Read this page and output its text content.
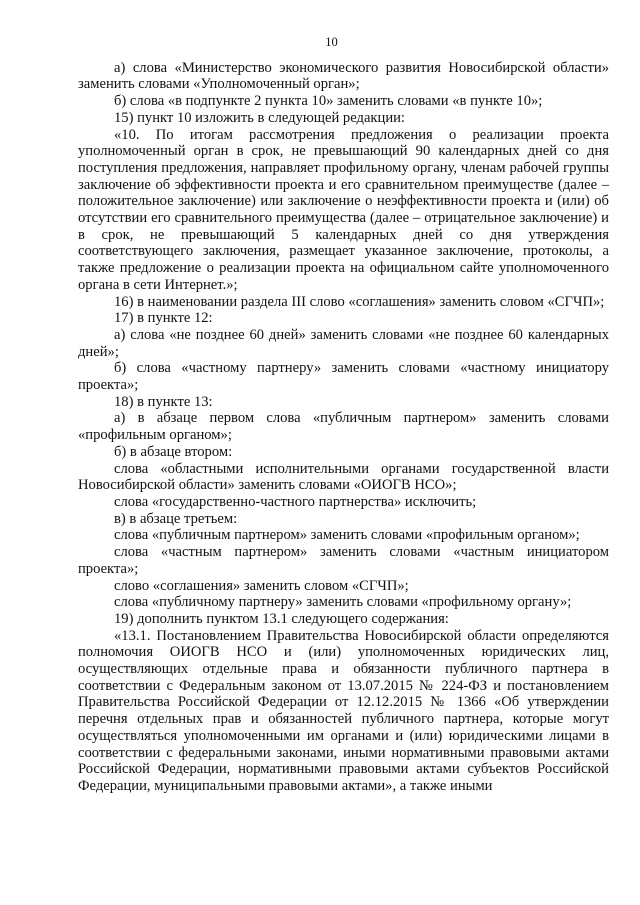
10

а) слова «Министерство экономического развития Новосибирской области» заменить словами «Уполномоченный орган»;

б) слова «в подпункте 2 пункта 10» заменить словами «в пункте 10»;

15) пункт 10 изложить в следующей редакции:

«10. По итогам рассмотрения предложения о реализации проекта уполномоченный орган в срок, не превышающий 90 календарных дней со дня поступления предложения, направляет профильному органу, членам рабочей группы заключение об эффективности проекта и его сравнительном преимуществе (далее – положительное заключение) или заключение о неэффективности проекта и (или) об отсутствии его сравнительного преимущества (далее – отрицательное заключение) и в срок, не превышающий 5 календарных дней со дня утверждения соответствующего заключения, размещает указанное заключение, протоколы, а также предложение о реализации проекта на официальном сайте уполномоченного органа в сети Интернет.»;

16) в наименовании раздела III слово «соглашения» заменить словом «СГЧП»;

17) в пункте 12:

а) слова «не позднее 60 дней» заменить словами «не позднее 60 календарных дней»;

б) слова «частному партнеру» заменить словами «частному инициатору проекта»;

18) в пункте 13:

а) в абзаце первом слова «публичным партнером» заменить словами «профильным органом»;

б) в абзаце втором:

слова «областными исполнительными органами государственной власти Новосибирской области» заменить словами «ОИОГВ НСО»;

слова «государственно-частного партнерства» исключить;

в) в абзаце третьем:

слова «публичным партнером» заменить словами «профильным органом»;

слова «частным партнером» заменить словами «частным инициатором проекта»;

слово «соглашения» заменить словом «СГЧП»;

слова «публичному партнеру» заменить словами «профильному органу»;

19) дополнить пунктом 13.1 следующего содержания:

«13.1. Постановлением Правительства Новосибирской области определяются полномочия ОИОГВ НСО и (или) уполномоченных юридических лиц, осуществляющих отдельные права и обязанности публичного партнера в соответствии с Федеральным законом от 13.07.2015 № 224-ФЗ и постановлением Правительства Российской Федерации от 12.12.2015 № 1366 «Об утверждении перечня отдельных прав и обязанностей публичного партнера, которые могут осуществляться уполномоченными им органами и (или) юридическими лицами в соответствии с федеральными законами, иными нормативными правовыми актами Российской Федерации, нормативными правовыми актами субъектов Российской Федерации, муниципальными правовыми актами», а также иными
